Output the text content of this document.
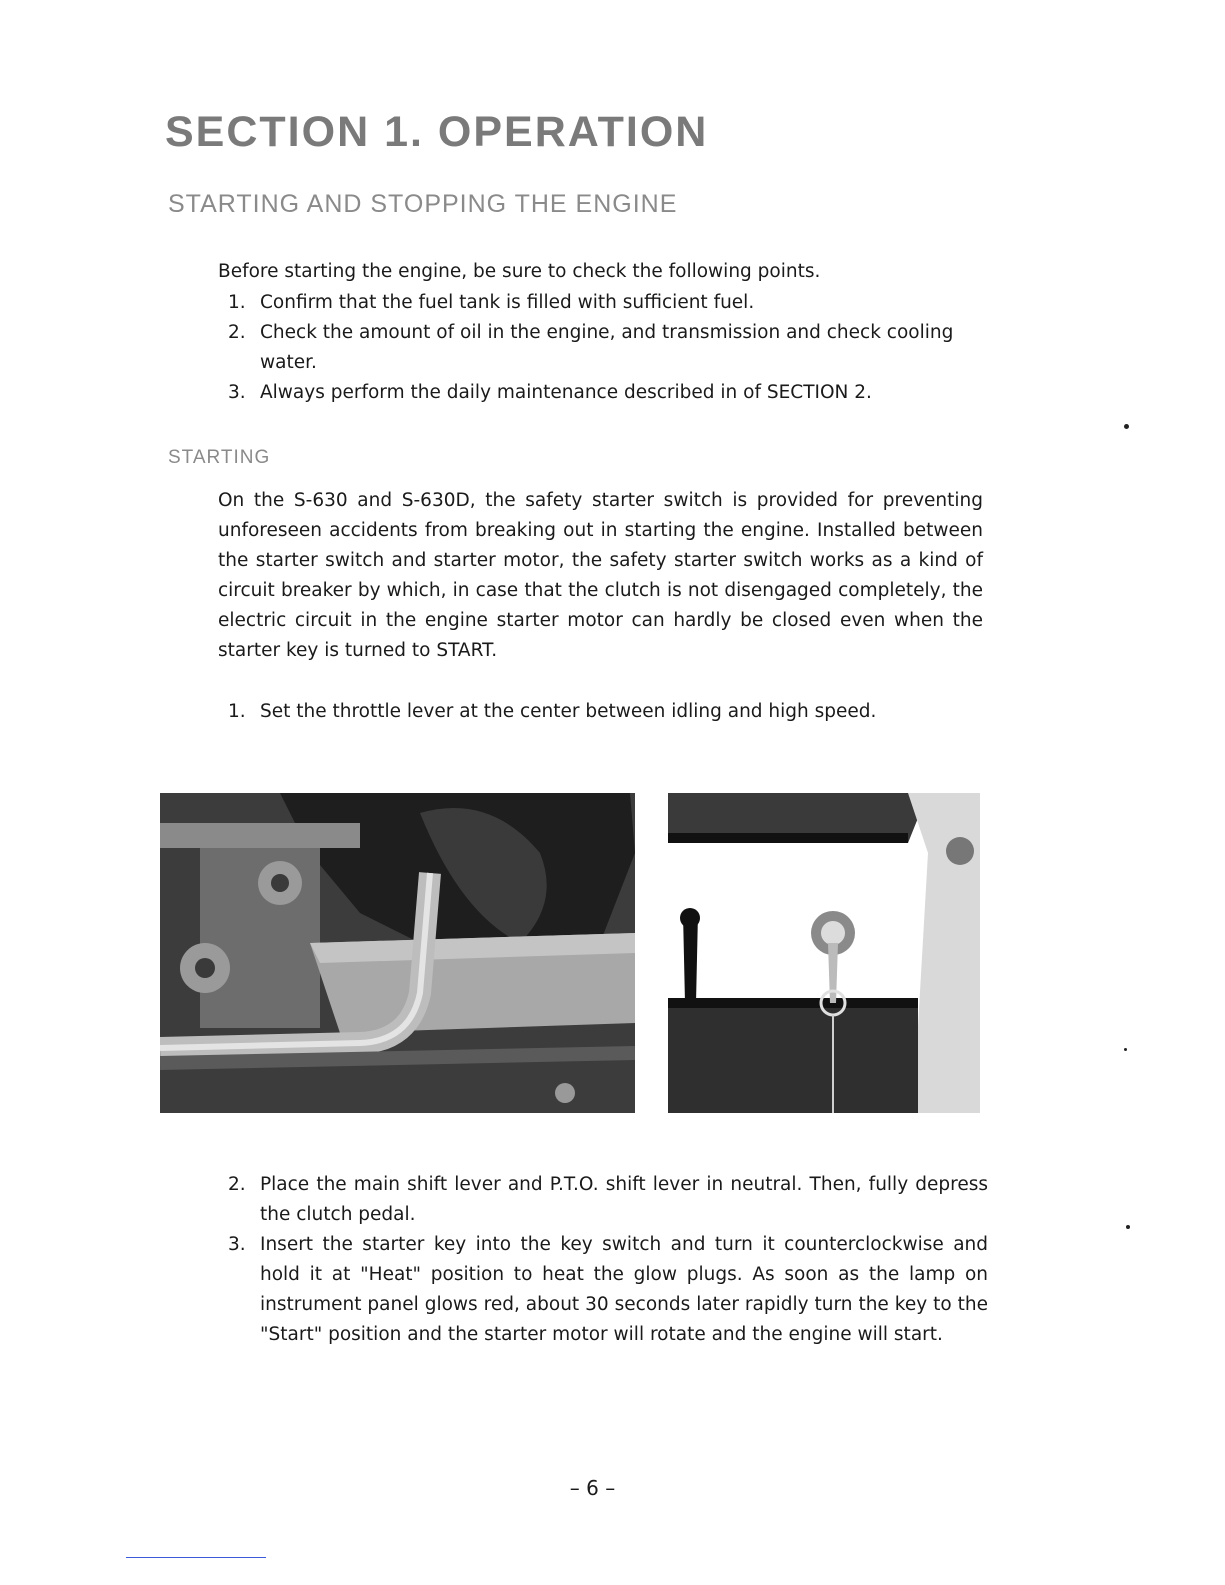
SECTION 1. OPERATION
STARTING AND STOPPING THE ENGINE
Before starting the engine, be sure to check the following points.
1. Confirm that the fuel tank is filled with sufficient fuel.
2. Check the amount of oil in the engine, and transmission and check cooling water.
3. Always perform the daily maintenance described in of SECTION 2.
STARTING
On the S-630 and S-630D, the safety starter switch is provided for preventing unforeseen accidents from breaking out in starting the engine. Installed between the starter switch and starter motor, the safety starter switch works as a kind of circuit breaker by which, in case that the clutch is not disengaged completely, the electric circuit in the engine starter motor can hardly be closed even when the starter key is turned to START.
1. Set the throttle lever at the center between idling and high speed.
2. Place the main shift lever and P.T.O. shift lever in neutral. Then, fully depress the clutch pedal.
3. Insert the starter key into the key switch and turn it counterclockwise and hold it at "Heat" position to heat the glow plugs. As soon as the lamp on instrument panel glows red, about 30 seconds later rapidly turn the key to the "Start" position and the starter motor will rotate and the engine will start.
– 6 –
